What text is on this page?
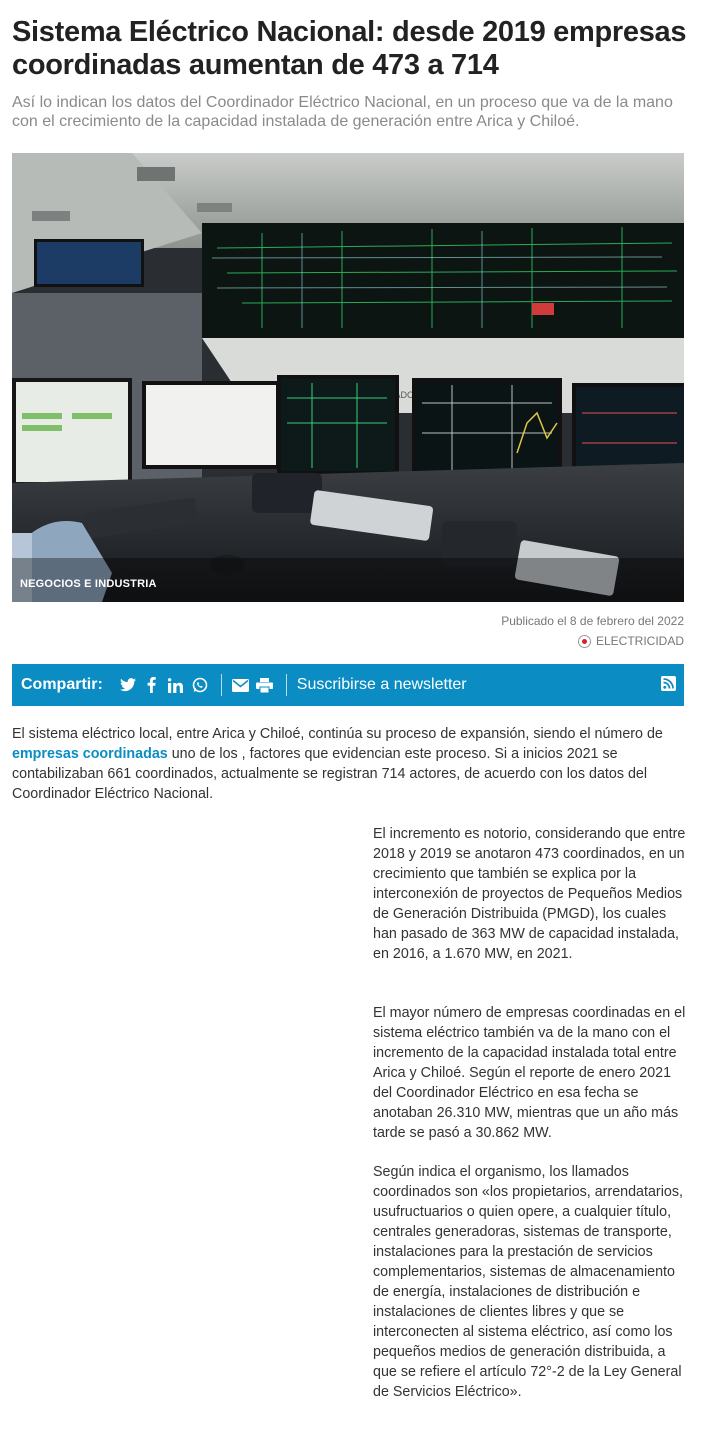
Sistema Eléctrico Nacional: desde 2019 empresas coordinadas aumentan de 473 a 714

Así lo indican los datos del Coordinador Eléctrico Nacional, en un proceso que va de la mano con el crecimiento de la capacidad instalada de generación entre Arica y Chiloé.

NEGOCIOS E INDUSTRIA
Publicado el 8 de febrero del 2022
ELECTRICIDAD
Compartir:	Suscribirse a newsletter

El sistema eléctrico local, entre Arica y Chiloé, continúa su proceso de expansión, siendo el número de empresas coordinadas uno de los , factores que evidencian este proceso. Si a inicios 2021 se contabilizaban 661 coordinados, actualmente se registran 714 actores, de acuerdo con los datos del Coordinador Eléctrico Nacional.

El incremento es notorio, considerando que entre 2018 y 2019 se anotaron 473 coordinados, en un crecimiento que también se explica por la interconexión de proyectos de Pequeños Medios de Generación Distribuida (PMGD), los cuales han pasado de 363 MW de capacidad instalada, en 2016, a 1.670 MW, en 2021.

El mayor número de empresas coordinadas en el sistema eléctrico también va de la mano con el incremento de la capacidad instalada total entre Arica y Chiloé. Según el reporte de enero 2021 del Coordinador Eléctrico en esa fecha se anotaban 26.310 MW, mientras que un año más tarde se pasó a 30.862 MW.

Según indica el organismo, los llamados coordinados son «los propietarios, arrendatarios, usufructuarios o quien opere, a cualquier título, centrales generadoras, sistemas de transporte, instalaciones para la prestación de servicios complementarios, sistemas de almacenamiento de energía, instalaciones de distribución e instalaciones de clientes libres y que se interconecten al sistema eléctrico, así como los pequeños medios de generación distribuida, a que se refiere el artículo 72°-2 de la Ley General de Servicios Eléctrico».
